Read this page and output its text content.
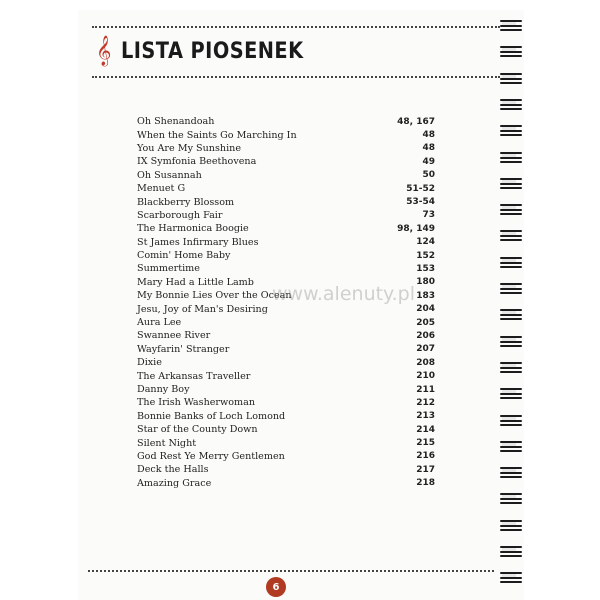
𝄞 LISTA PIOSENEK
Oh Shenandoah	48, 167
When the Saints Go Marching In	48
You Are My Sunshine	48
IX Symfonia Beethovena	49
Oh Susannah	50
Menuet G	51-52
Blackberry Blossom	53-54
Scarborough Fair	73
The Harmonica Boogie	98, 149
St James Infirmary Blues	124
Comin' Home Baby	152
Summertime	153
Mary Had a Little Lamb	180
My Bonnie Lies Over the Ocean	183
Jesu, Joy of Man's Desiring	204
Aura Lee	205
Swannee River	206
Wayfarin' Stranger	207
Dixie	208
The Arkansas Traveller	210
Danny Boy	211
The Irish Washerwoman	212
Bonnie Banks of Loch Lomond	213
Star of the County Down	214
Silent Night	215
God Rest Ye Merry Gentlemen	216
Deck the Halls	217
Amazing Grace	218
www.alenuty.pl
6
